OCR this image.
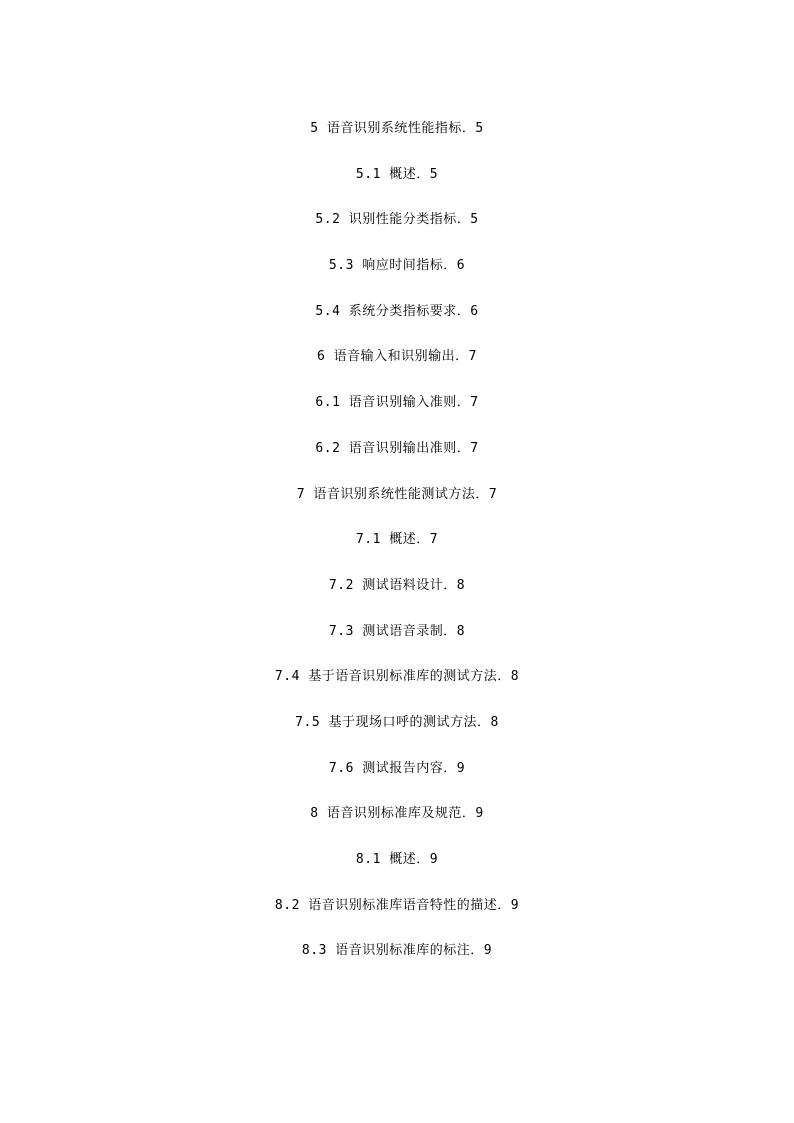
5 语音识别系统性能指标．5
5.1 概述．5
5.2 识别性能分类指标．5
5.3 响应时间指标．6
5.4 系统分类指标要求．6
6 语音输入和识别输出．7
6.1 语音识别输入准则．7
6.2 语音识别输出准则．7
7 语音识别系统性能测试方法．7
7.1 概述．7
7.2 测试语料设计．8
7.3 测试语音录制．8
7.4 基于语音识别标准库的测试方法．8
7.5 基于现场口呼的测试方法．8
7.6 测试报告内容．9
8 语音识别标准库及规范．9
8.1 概述．9
8.2 语音识别标准库语音特性的描述．9
8.3 语音识别标准库的标注．9
